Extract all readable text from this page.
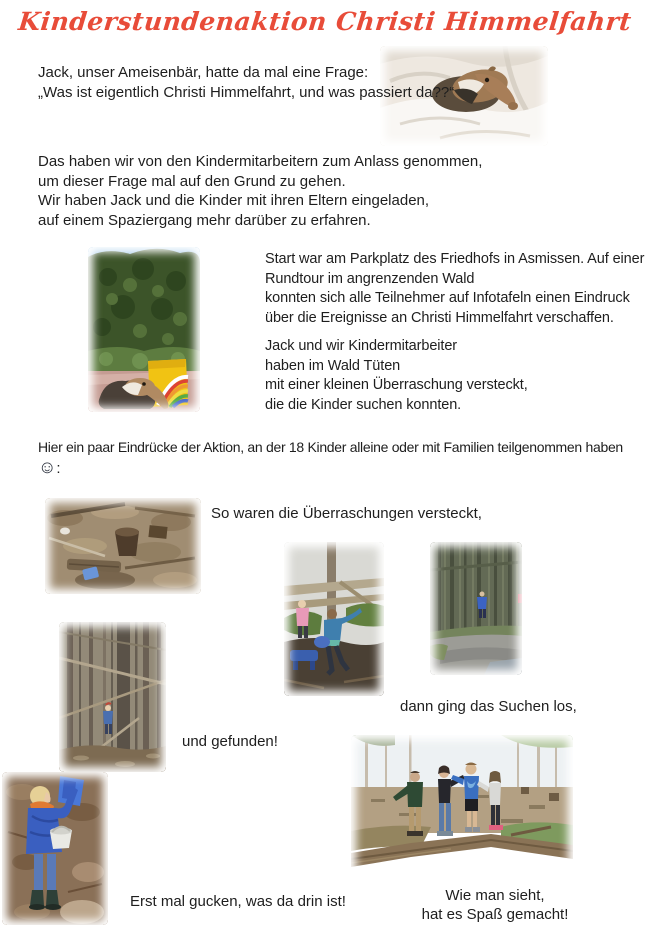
Kinderstundenaktion Christi Himmelfahrt

Jack, unser Ameisenbär, hatte da mal eine Frage:

„Was ist eigentlich Christi Himmelfahrt, und was passiert da??“

Das haben wir von den Kindermitarbeitern zum Anlass genommen,

um dieser Frage mal auf den Grund zu gehen.

Wir haben Jack und die Kinder mit ihren Eltern eingeladen,

auf einem Spaziergang mehr darüber zu erfahren.

Start war am Parkplatz des Friedhofs in Asmissen. Auf einer

Rundtour im angrenzenden Wald

konnten sich alle Teilnehmer auf Infotafeln einen Eindruck

über die Ereignisse an Christi Himmelfahrt verschaffen.

Jack und wir Kindermitarbeiter

haben im Wald Tüten

mit einer kleinen Überraschung versteckt,

die die Kinder suchen konnten.

Hier ein paar Eindrücke der Aktion, an der 18 Kinder alleine oder mit Familien teilgenommen haben

☺:

So waren die Überraschungen versteckt,
dann ging das Suchen los,
und gefunden!
Erst mal gucken, was da drin ist!	Wie man sieht,

hat es Spaß gemacht!
